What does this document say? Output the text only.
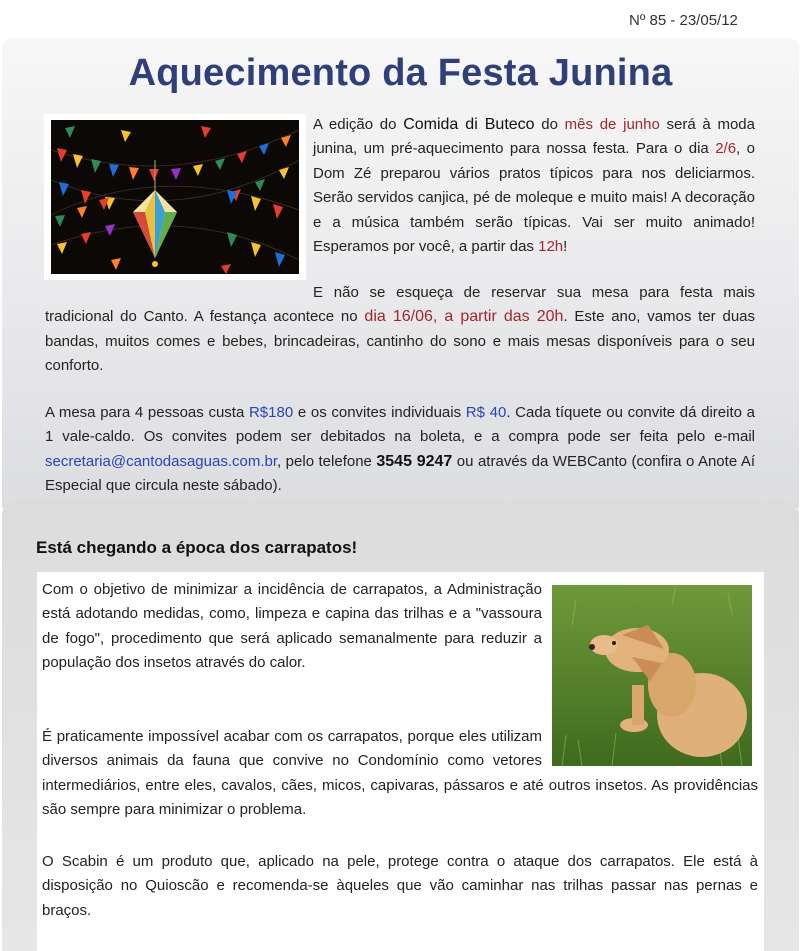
Nº 85 - 23/05/12
Aquecimento da Festa Junina
A edição do Comida di Buteco do mês de junho será à moda junina, um pré-aquecimento para nossa festa. Para o dia 2/6, o Dom Zé preparou vários pratos típicos para nos deliciarmos. Serão servidos canjica, pé de moleque e muito mais! A decoração e a música também serão típicas. Vai ser muito animado! Esperamos por você, a partir das 12h!
E não se esqueça de reservar sua mesa para festa mais tradicional do Canto. A festança acontece no dia 16/06, a partir das 20h. Este ano, vamos ter duas bandas, muitos comes e bebes, brincadeiras, cantinho do sono e mais mesas disponíveis para o seu conforto.
A mesa para 4 pessoas custa R$180 e os convites individuais R$ 40. Cada tíquete ou convite dá direito a 1 vale-caldo. Os convites podem ser debitados na boleta, e a compra pode ser feita pelo e-mail secretaria@cantodasaguas.com.br, pelo telefone 3545 9247 ou através da WEBCanto (confira o Anote Aí Especial que circula neste sábado).
Está chegando a época dos carrapatos!
Com o objetivo de minimizar a incidência de carrapatos, a Administração está adotando medidas, como, limpeza e capina das trilhas e a "vassoura de fogo", procedimento que será aplicado semanalmente para reduzir a população dos insetos através do calor.
É praticamente impossível acabar com os carrapatos, porque eles utilizam diversos animais da fauna que convive no Condomínio como vetores intermediários, entre eles, cavalos, cães, micos, capivaras, pássaros e até outros insetos. As providências são sempre para minimizar o problema.
O Scabin é um produto que, aplicado na pele, protege contra o ataque dos carrapatos. Ele está à disposição no Quioscão e recomenda-se àqueles que vão caminhar nas trilhas passar nas pernas e braços.
